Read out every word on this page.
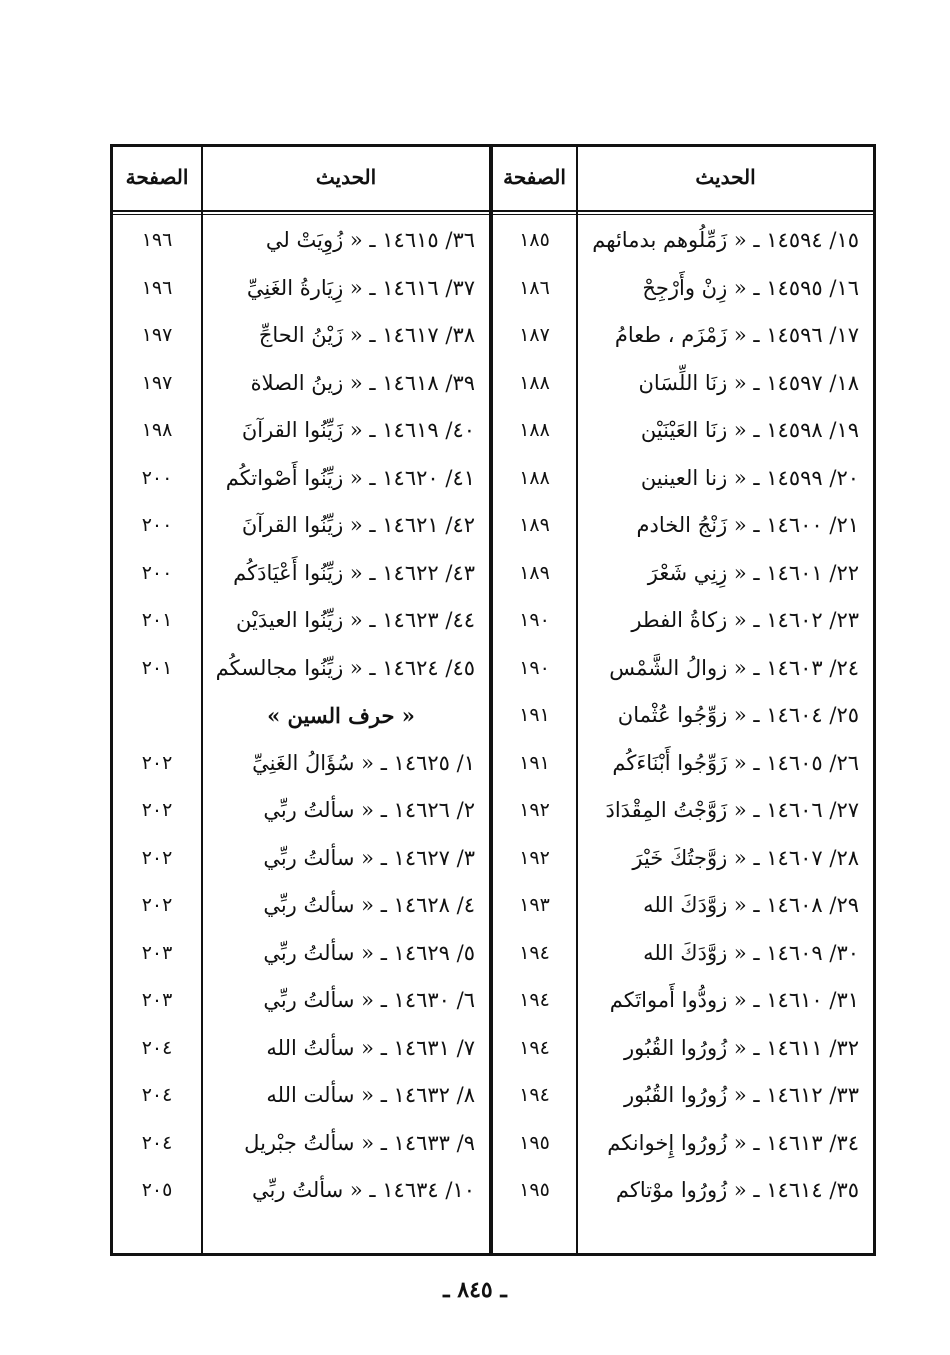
الحديث
الصفحة
الحديث
الصفحة
١٥/ ١٤٥٩٤ ـ « زَمِّلُوهم بدمائهم
١٨٥
١٦/ ١٤٥٩٥ ـ « زِنْ وأَرْجِحْ
١٨٦
١٧/ ١٤٥٩٦ ـ « زَمْزَم ، طعامُ
١٨٧
١٨/ ١٤٥٩٧ ـ « زنَا اللِّسَان
١٨٨
١٩/ ١٤٥٩٨ ـ « زنَا العَيْنَيْن
١٨٨
٢٠/ ١٤٥٩٩ ـ « زنا العينين
١٨٨
٢١/ ١٤٦٠٠ ـ « زَنْجُ الخادم
١٨٩
٢٢/ ١٤٦٠١ ـ « زِنِي شَعْرَ
١٨٩
٢٣/ ١٤٦٠٢ ـ « زكاةُ الفطر
١٩٠
٢٤/ ١٤٦٠٣ ـ « زوالُ الشَّمْس
١٩٠
٢٥/ ١٤٦٠٤ ـ « زوِّجُوا عُثْمان
١٩١
٢٦/ ١٤٦٠٥ ـ « زَوِّجُوا أَبْنَاءَكُم
١٩١
٢٧/ ١٤٦٠٦ ـ « زَوَّجْتُ المِقْدَادَ
١٩٢
٢٨/ ١٤٦٠٧ ـ « زوَّجتُكَ خَيْرَ
١٩٢
٢٩/ ١٤٦٠٨ ـ « زوَّدَكَ الله
١٩٣
٣٠/ ١٤٦٠٩ ـ « زوَّدَكَ الله
١٩٤
٣١/ ١٤٦١٠ ـ « زودُّوا أَمواتَكم
١٩٤
٣٢/ ١٤٦١١ ـ « زُورُوا القُبُور
١٩٤
٣٣/ ١٤٦١٢ ـ « زُورُوا القُبُور
١٩٤
٣٤/ ١٤٦١٣ ـ « زُورُوا إِخوانكم
١٩٥
٣٥/ ١٤٦١٤ ـ « زُورُوا موْتاكم
١٩٥
٣٦/ ١٤٦١٥ ـ « زُوِيَتْ لي
١٩٦
٣٧/ ١٤٦١٦ ـ « زِيَارةُ الغَنِيِّ
١٩٦
٣٨/ ١٤٦١٧ ـ « زَيْنُ الحاجِّ
١٩٧
٣٩/ ١٤٦١٨ ـ « زينُ الصلاة
١٩٧
٤٠/ ١٤٦١٩ ـ « زَيِّنُوا القرآنَ
١٩٨
٤١/ ١٤٦٢٠ ـ « زيِّنُوا أَصْواتكُم
٢٠٠
٤٢/ ١٤٦٢١ ـ « زيِّنُوا القرآنَ
٢٠٠
٤٣/ ١٤٦٢٢ ـ « زيِّنُوا أَعْيَادَكُم
٢٠٠
٤٤/ ١٤٦٢٣ ـ « زيِّنُوا العيدَيْن
٢٠١
٤٥/ ١٤٦٢٤ ـ « زيِّنُوا مجالسكُم
٢٠١
« حرف السين »
١/ ١٤٦٢٥ ـ « سُؤَالُ الغَنِيِّ
٢٠٢
٢/ ١٤٦٢٦ ـ « سألتُ ربِّي
٢٠٢
٣/ ١٤٦٢٧ ـ « سألتُ ربِّي
٢٠٢
٤/ ١٤٦٢٨ ـ « سألتُ ربِّي
٢٠٢
٥/ ١٤٦٢٩ ـ « سألتُ ربِّي
٢٠٣
٦/ ١٤٦٣٠ ـ « سألتُ ربِّي
٢٠٣
٧/ ١٤٦٣١ ـ « سألتُ الله
٢٠٤
٨/ ١٤٦٣٢ ـ « سألت الله
٢٠٤
٩/ ١٤٦٣٣ ـ « سألتُ جبْريل
٢٠٤
١٠/ ١٤٦٣٤ ـ « سألتُ ربِّي
٢٠٥
ـ ٨٤٥ ـ
